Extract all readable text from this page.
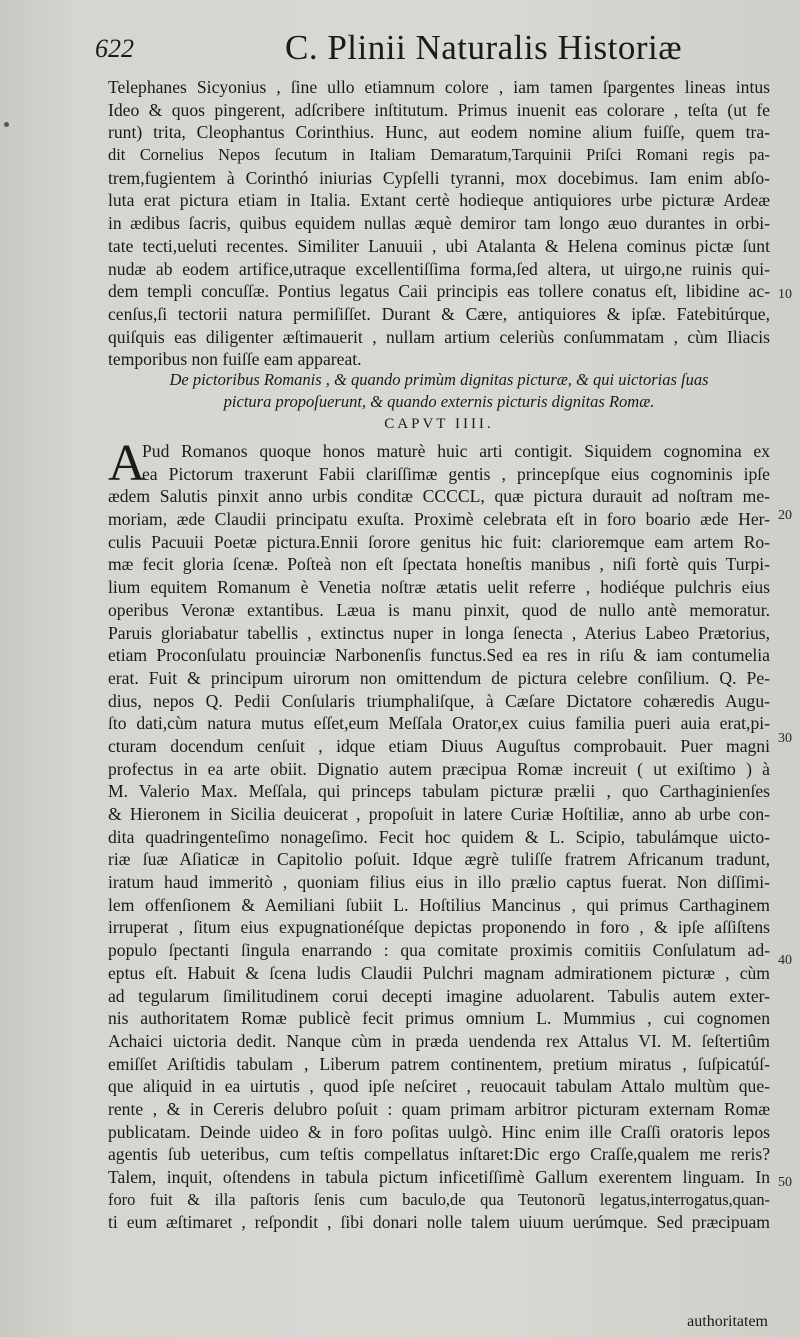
622	C. Plinii Naturalis Historiæ
Telephanes Sicyonius , ſine ullo etiamnum colore , iam tamen ſpargentes lineas intus
Ideo & quos pingerent, adſcribere inſtitutum. Primus inuenit eas colorare , teſta (ut fe
runt) trita, Cleophantus Corinthius. Hunc, aut eodem nomine alium fuiſſe, quem tra-
dit Cornelius Nepos ſecutum in Italiam Demaratum,Tarquinii Priſci Romani regis pa-
trem,fugientem à Corinthó iniurias Cypſelli tyranni, mox docebimus. Iam enim abſo-
luta erat pictura etiam in Italia. Extant certè hodieque antiquiores urbe picturæ Ardeæ
in ædibus ſacris, quibus equidem nullas æquè demiror tam longo æuo durantes in orbi-
tate tecti,ueluti recentes. Similiter Lanuuii , ubi Atalanta & Helena cominus pictæ ſunt
nudæ ab eodem artifice,utraque excellentiſſima forma,ſed altera, ut uirgo,ne ruinis qui-
dem templi concuſſæ. Pontius legatus Caii principis eas tollere conatus eſt, libidine ac-
cenſus,ſi tectorii natura permiſiſſet. Durant & Cære, antiquiores & ipſæ. Fatebitúrque,
quiſquis eas diligenter æſtimauerit , nullam artium celeriùs conſummatam , cùm Iliacis
temporibus non fuiſſe eam appareat.
De pictoribus Romanis , & quando primùm dignitas picturæ, & qui uictorias ſuas
pictura propoſuerunt, & quando externis picturis dignitas Romæ.
CAPVT IIII.
A
Pud Romanos quoque honos maturè huic arti contigit. Siquidem cognomina ex
ea Pictorum traxerunt Fabii clariſſimæ gentis , princepſque eius cognominis ipſe
ædem Salutis pinxit anno urbis conditæ CCCCL, quæ pictura durauit ad noſtram me-
moriam, æde Claudii principatu exuſta. Proximè celebrata eſt in foro boario æde Her-
culis Pacuuii Poetæ pictura.Ennii ſorore genitus hic fuit: clarioremque eam artem Ro-
mæ fecit gloria ſcenæ. Poſteà non eſt ſpectata honeſtis manibus , niſi fortè quis Turpi-
lium equitem Romanum è Venetia noſtræ ætatis uelit referre , hodiéque pulchris eius
operibus Veronæ extantibus. Læua is manu pinxit, quod de nullo antè memoratur.
Paruis gloriabatur tabellis , extinctus nuper in longa ſenecta , Aterius Labeo Prætorius,
etiam Proconſulatu prouinciæ Narbonenſis functus.Sed ea res in riſu & iam contumelia
erat. Fuit & principum uirorum non omittendum de pictura celebre conſilium. Q. Pe-
dius, nepos Q. Pedii Conſularis triumphaliſque, à Cæſare Dictatore cohæredis Augu-
ſto dati,cùm natura mutus eſſet,eum Meſſala Orator,ex cuius familia pueri auia erat,pi-
cturam docendum cenſuit , idque etiam Diuus Auguſtus comprobauit. Puer magni
profectus in ea arte obiit. Dignatio autem præcipua Romæ increuit ( ut exiſtimo ) à
M. Valerio Max. Meſſala, qui princeps tabulam picturæ prælii , quo Carthaginienſes
& Hieronem in Sicilia deuicerat , propoſuit in latere Curiæ Hoſtiliæ, anno ab urbe con-
dita quadringenteſimo nonageſimo. Fecit hoc quidem & L. Scipio, tabulámque uicto-
riæ ſuæ Aſiaticæ in Capitolio poſuit. Idque ægrè tuliſſe fratrem Africanum tradunt,
iratum haud immeritò , quoniam filius eius in illo prælio captus fuerat. Non diſſimi-
lem offenſionem & Aemiliani ſubiit L. Hoſtilius Mancinus , qui primus Carthaginem
irruperat , ſitum eius expugnationéſque depictas proponendo in foro , & ipſe aſſiſtens
populo ſpectanti ſingula enarrando : qua comitate proximis comitiis Conſulatum ad-
eptus eſt. Habuit & ſcena ludis Claudii Pulchri magnam admirationem picturæ , cùm
ad tegularum ſimilitudinem corui decepti imagine aduolarent. Tabulis autem exter-
nis authoritatem Romæ publicè fecit primus omnium L. Mummius , cui cognomen
Achaici uictoria dedit. Nanque cùm in præda uendenda rex Attalus VI. M. ſeſtertiûm
emiſſet Ariſtidis tabulam , Liberum patrem continentem, pretium miratus , ſuſpicatúſ-
que aliquid in ea uirtutis , quod ipſe neſciret , reuocauit tabulam Attalo multùm que-
rente , & in Cereris delubro poſuit : quam primam arbitror picturam externam Romæ
publicatam. Deinde uideo & in foro poſitas uulgò. Hinc enim ille Craſſi oratoris lepos
agentis ſub ueteribus, cum teſtis compellatus inſtaret:Dic ergo Craſſe,qualem me reris?
Talem, inquit, oſtendens in tabula pictum inficetiſſimè Gallum exerentem linguam. In
foro fuit & illa paſtoris ſenis cum baculo,de qua Teutonorũ legatus,interrogatus,quan-
ti eum æſtimaret , reſpondit , ſibi donari nolle talem uiuum uerúmque. Sed præcipuam
authoritatem
10
20
30
40
50
